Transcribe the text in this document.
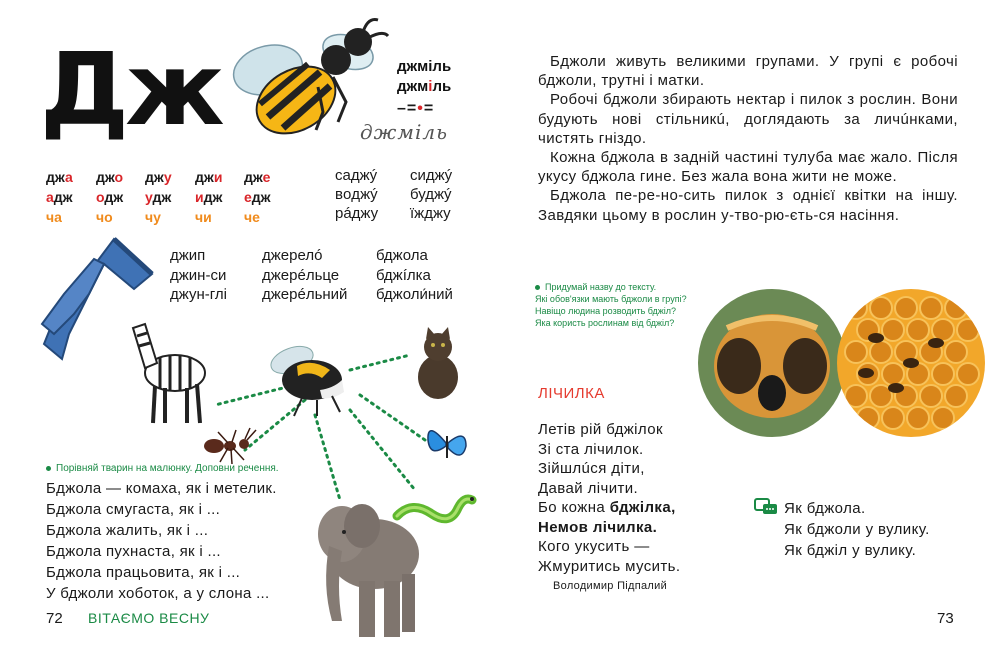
Дж	джміль
джміль
–=•=
джміль
джа джо джу джи дже
адж одж удж идж едж
ча чо чу чи че
саджý
вoджý
рáджу
сиджý
буджý
їжджу
джип
джин-си
джун-глі
джерелó
джерéльце
джерéльний
бджола
бджíлка
бджоли́ний
Порівняй тварин на малюнку. Доповни речення.
Бджола — комаха, як і метелик.
Бджола смугаста, як і ...
Бджола жалить, як і ...
Бджола пухнаста, як і ...
Бджола працьовита, як і ...
У бджоли хоботок, а у слона ...
72 ВІТАЄМО ВЕСНУ

Бджоли живуть великими групами. У групі є робочі бджоли, трутні і матки.

Робочі бджоли збирають нектар і пилок з рослин. Вони будують нові стільникú, доглядають за личúнками, чистять гніздо.

Кожна бджола в задній частині тулуба має жало. Після укусу бджола гине. Без жала вона жити не може.

Бджола пе-ре-но-сить пилок з однієї квітки на іншу. Завдяки цьому в рослин у-тво-рю-єть-ся насіння.

Придумай назву до тексту.
Які обов'язки мають бджоли в групі?
Навіщо людина розводить бджіл?
Яка користь рослинам від бджіл?
ЛІЧИЛКА
Летів рій бджілок
Зі ста лічилок.
Зійшлúся діти,
Давай лічити.
Бо кожна бджілка,
Немов лічилка.
Кого укусить —
Жмуритись мусить.
Володимир Підпалий
Як бджола.
Як бджоли у вулику.
Як бджіл у вулику.
73
